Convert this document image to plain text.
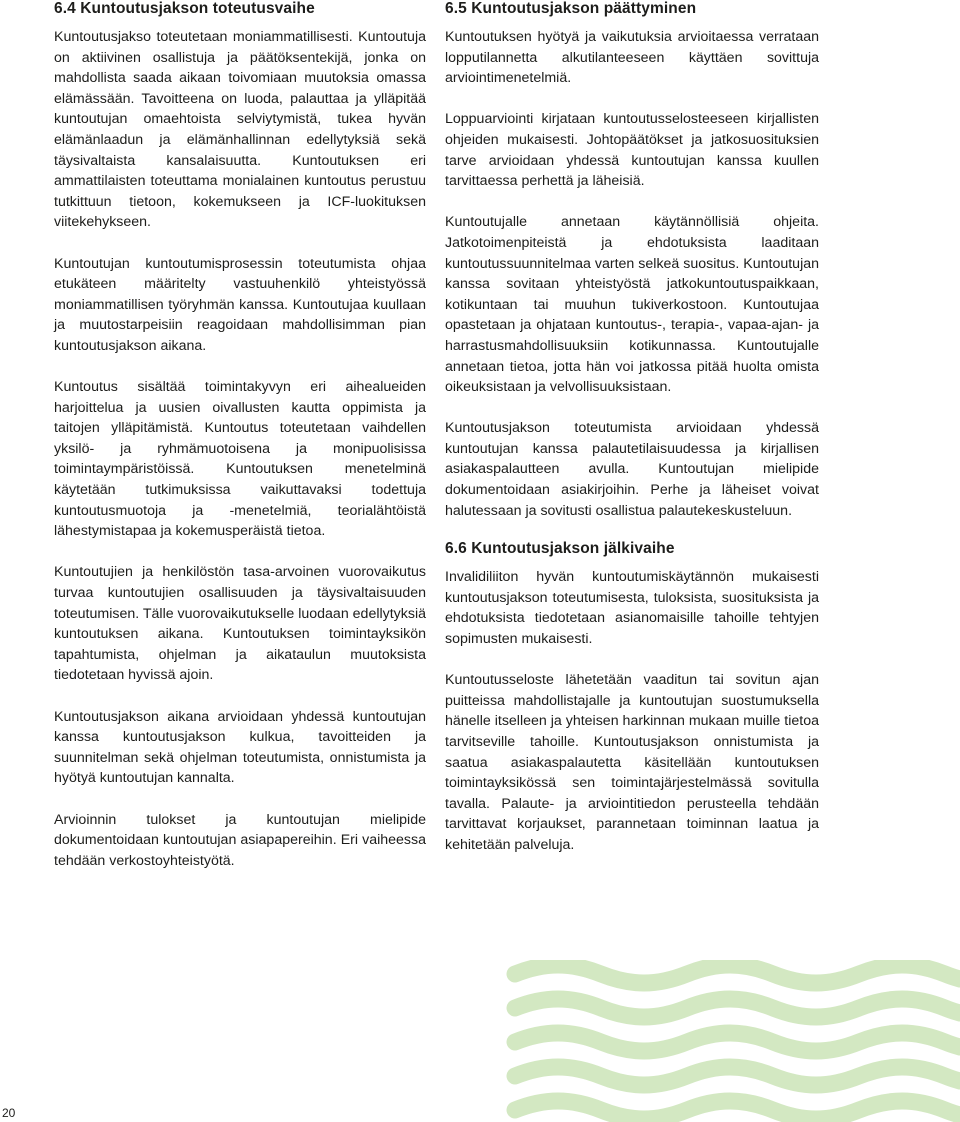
6.4 Kuntoutusjakson toteutusvaihe

Kuntoutusjakso toteutetaan moniammatillisesti. Kuntoutuja on aktiivinen osallistuja ja päätöksentekijä, jonka on mahdollista saada aikaan toivomiaan muutoksia omassa elämässään. Tavoitteena on luoda, palauttaa ja ylläpitää kuntoutujan omaehtoista selviytymistä, tukea hyvän elämänlaadun ja elämänhallinnan edellytyksiä sekä täysivaltaista kansalaisuutta. Kuntoutuksen eri ammattilaisten toteuttama monialainen kuntoutus perustuu tutkittuun tietoon, kokemukseen ja ICF-luokituksen viitekehykseen.

Kuntoutujan kuntoutumisprosessin toteutumista ohjaa etukäteen määritelty vastuuhenkilö yhteistyössä moniammatillisen työryhmän kanssa. Kuntoutujaa kuullaan ja muutostarpeisiin reagoidaan mahdollisimman pian kuntoutusjakson aikana.

Kuntoutus sisältää toimintakyvyn eri aihealueiden harjoittelua ja uusien oivallusten kautta oppimista ja taitojen ylläpitämistä. Kuntoutus toteutetaan vaihdellen yksilö- ja ryhmämuotoisena ja monipuolisissa toimintaympäristöissä. Kuntoutuksen menetelminä käytetään tutkimuksissa vaikuttavaksi todettuja kuntoutusmuotoja ja -menetelmiä, teorialähtöistä lähestymistapaa ja kokemusperäistä tietoa.

Kuntoutujien ja henkilöstön tasa-arvoinen vuorovaikutus turvaa kuntoutujien osallisuuden ja täysivaltaisuuden toteutumisen. Tälle vuorovaikutukselle luodaan edellytyksiä kuntoutuksen aikana. Kuntoutuksen toimintayksikön tapahtumista, ohjelman ja aikataulun muutoksista tiedotetaan hyvissä ajoin.

Kuntoutusjakson aikana arvioidaan yhdessä kuntoutujan kanssa kuntoutusjakson kulkua, tavoitteiden ja suunnitelman sekä ohjelman toteutumista, onnistumista ja hyötyä kuntoutujan kannalta.

Arvioinnin tulokset ja kuntoutujan mielipide dokumentoidaan kuntoutujan asiapapereihin. Eri vaiheessa tehdään verkostoyhteistyötä.

6.5 Kuntoutusjakson päättyminen

Kuntoutuksen hyötyä ja vaikutuksia arvioitaessa verrataan lopputilannetta alkutilanteeseen käyttäen sovittuja arviointimenetelmiä.

Loppuarviointi kirjataan kuntoutusselosteeseen kirjallisten ohjeiden mukaisesti. Johtopäätökset ja jatkosuosituksien tarve arvioidaan yhdessä kuntoutujan kanssa kuullen tarvittaessa perhettä ja läheisiä.

Kuntoutujalle annetaan käytännöllisiä ohjeita. Jatkotoimenpiteistä ja ehdotuksista laaditaan kuntoutussuunnitelmaa varten selkeä suositus. Kuntoutujan kanssa sovitaan yhteistyöstä jatkokuntoutuspaikkaan, kotikuntaan tai muuhun tukiverkostoon. Kuntoutujaa opastetaan ja ohjataan kuntoutus-, terapia-, vapaa-ajan- ja harrastusmahdollisuuksiin kotikunnassa. Kuntoutujalle annetaan tietoa, jotta hän voi jatkossa pitää huolta omista oikeuksistaan ja velvollisuuksistaan.

Kuntoutusjakson toteutumista arvioidaan yhdessä kuntoutujan kanssa palautetilaisuudessa ja kirjallisen asiakaspalautteen avulla. Kuntoutujan mielipide dokumentoidaan asiakirjoihin. Perhe ja läheiset voivat halutessaan ja sovitusti osallistua palautekeskusteluun.

6.6 Kuntoutusjakson jälkivaihe

Invalidiliiton hyvän kuntoutumiskäytännön mukaisesti kuntoutusjakson toteutumisesta, tuloksista, suosituksista ja ehdotuksista tiedotetaan asianomaisille tahoille tehtyjen sopimusten mukaisesti.

Kuntoutusseloste lähetetään vaaditun tai sovitun ajan puitteissa mahdollistajalle ja kuntoutujan suostumuksella hänelle itselleen ja yhteisen harkinnan mukaan muille tietoa tarvitseville tahoille. Kuntoutusjakson onnistumista ja saatua asiakaspalautetta käsitellään kuntoutuksen toimintayksikössä sen toimintajärjestelmässä sovitulla tavalla. Palaute- ja arviointitiedon perusteella tehdään tarvittavat korjaukset, parannetaan toiminnan laatua ja kehitetään palveluja.

20
